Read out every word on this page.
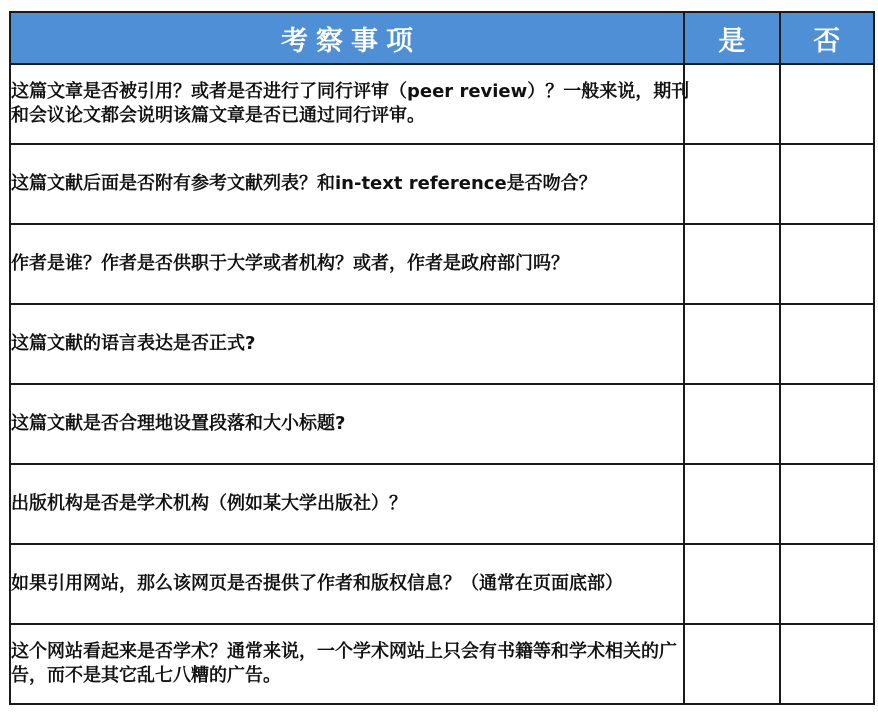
考察事项	是	否

这篇文章是否被引用？或者是否进行了同行评审（peer review）？一般来说，期刊和会议论文都会说明该篇文章是否已通过同行评审。		

这篇文献后面是否附有参考文献列表？和in-text reference是否吻合？		

作者是谁？作者是否供职于大学或者机构？或者，作者是政府部门吗？		

这篇文献的语言表达是否正式?		

这篇文献是否合理地设置段落和大小标题?		

出版机构是否是学术机构（例如某大学出版社）？		

如果引用网站，那么该网页是否提供了作者和版权信息？（通常在页面底部）		

这个网站看起来是否学术？通常来说，一个学术网站上只会有书籍等和学术相关的广告，而不是其它乱七八糟的广告。		
